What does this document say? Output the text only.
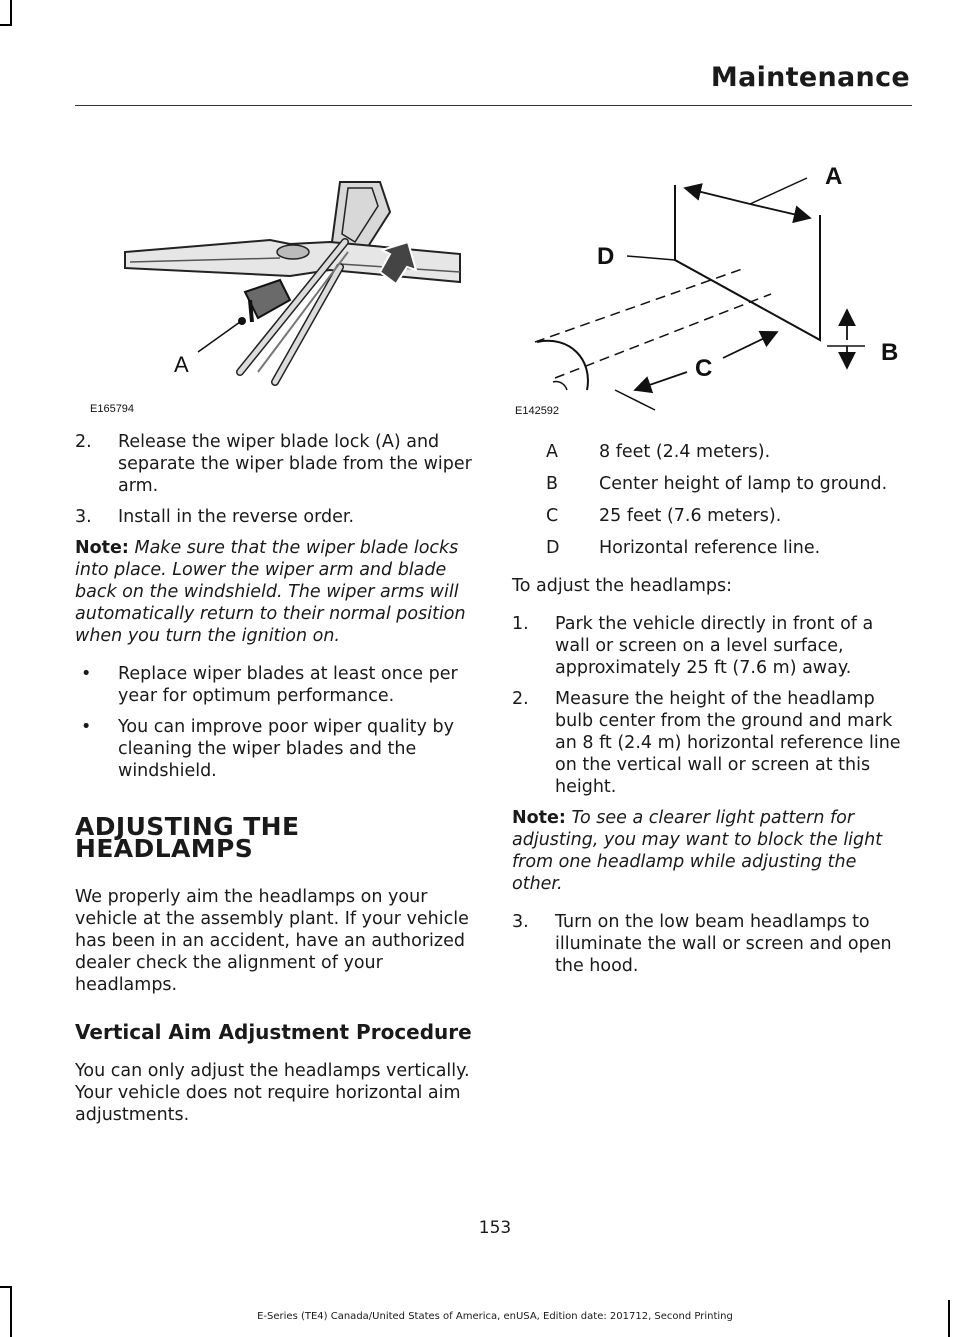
Maintenance
A
E165794
A
D
C
B
E142592
2. Release the wiper blade lock (A) and separate the wiper blade from the wiper arm.
3. Install in the reverse order.
Note: Make sure that the wiper blade locks into place. Lower the wiper arm and blade back on the windshield. The wiper arms will automatically return to their normal position when you turn the ignition on.
• Replace wiper blades at least once per year for optimum performance.
• You can improve poor wiper quality by cleaning the wiper blades and the windshield.
ADJUSTING THE HEADLAMPS

We properly aim the headlamps on your vehicle at the assembly plant. If your vehicle has been in an accident, have an authorized dealer check the alignment of your headlamps.

Vertical Aim Adjustment Procedure

You can only adjust the headlamps vertically. Your vehicle does not require horizontal aim adjustments.

A	8 feet (2.4 meters).
B	Center height of lamp to ground.
C	25 feet (7.6 meters).
D	Horizontal reference line.

To adjust the headlamps:

1. Park the vehicle directly in front of a wall or screen on a level surface, approximately 25 ft (7.6 m) away.
2. Measure the height of the headlamp bulb center from the ground and mark an 8 ft (2.4 m) horizontal reference line on the vertical wall or screen at this height.
Note: To see a clearer light pattern for adjusting, you may want to block the light from one headlamp while adjusting the other.
3. Turn on the low beam headlamps to illuminate the wall or screen and open the hood.
153
E-Series (TE4) Canada/United States of America, enUSA, Edition date: 201712, Second Printing
